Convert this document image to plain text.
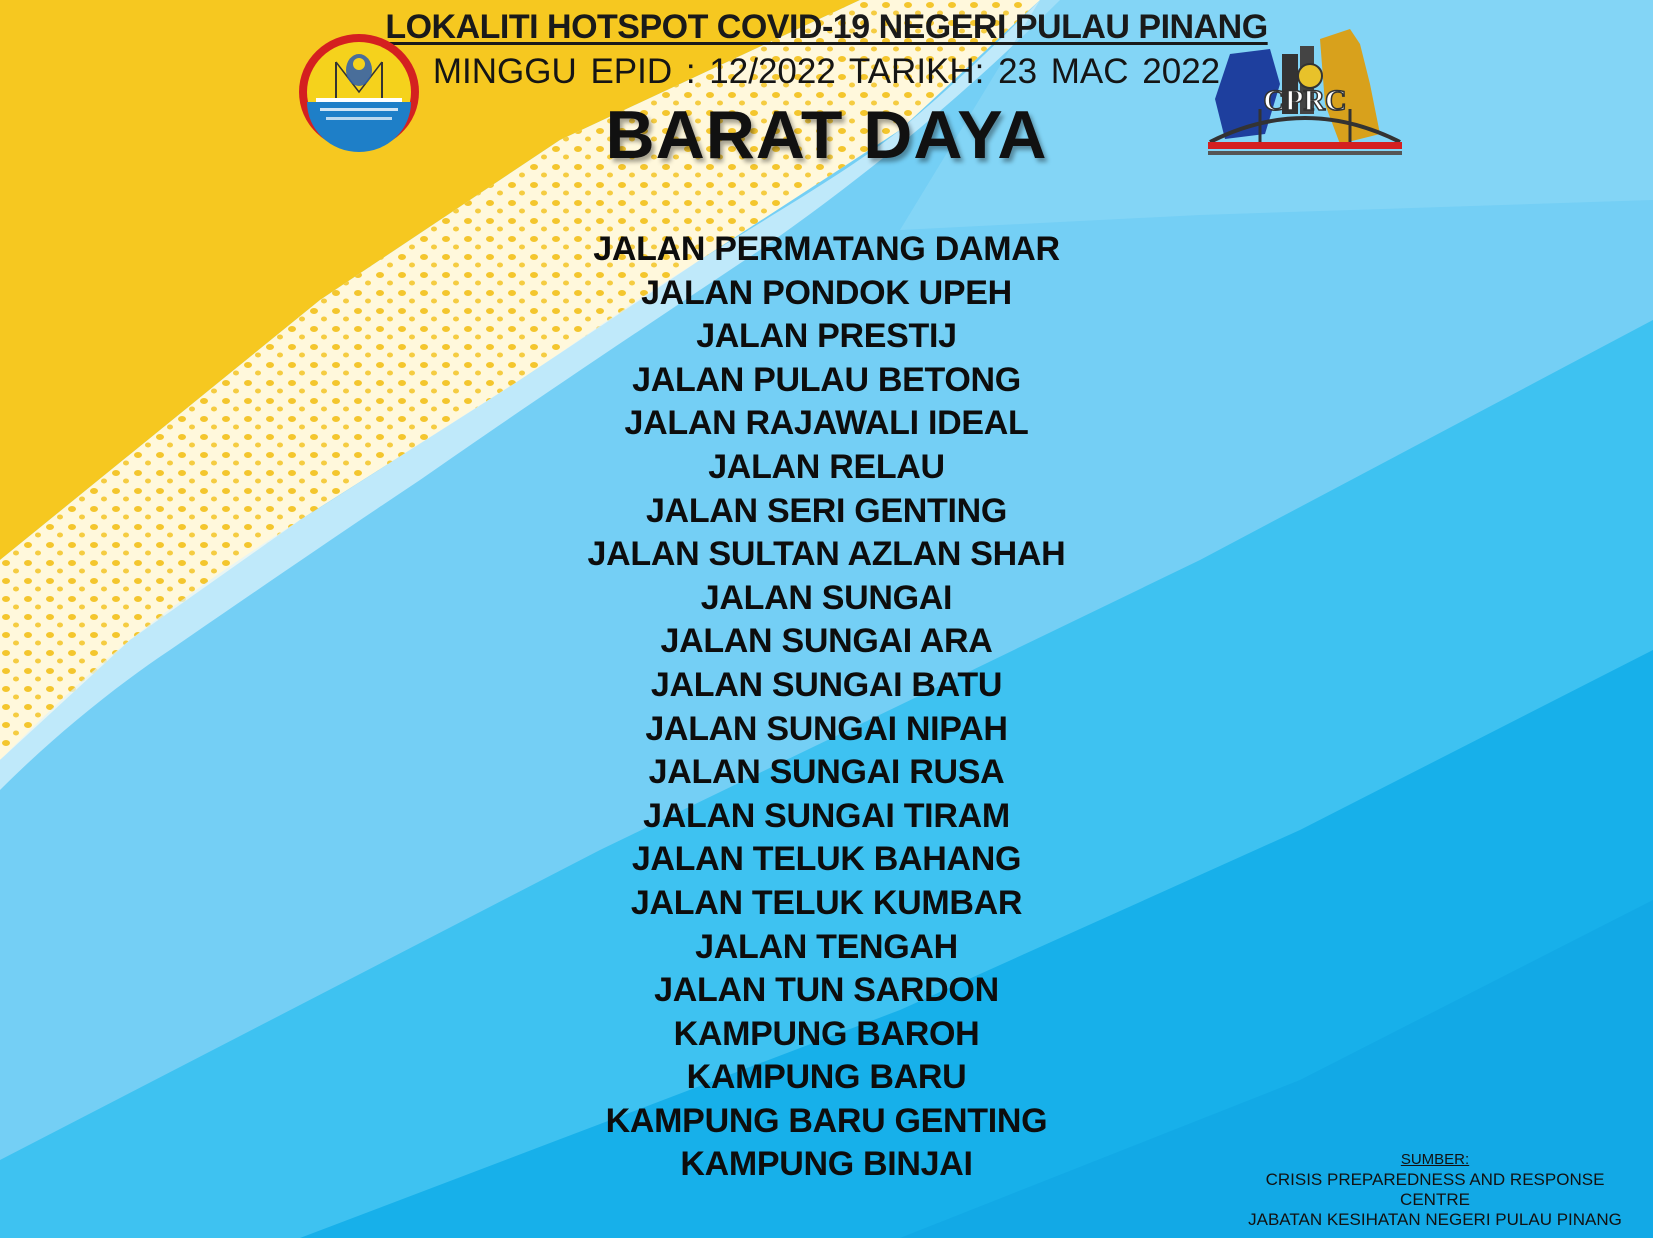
LOKALITI HOTSPOT COVID-19 NEGERI PULAU PINANG
MINGGU EPID : 12/2022 TARIKH: 23 MAC 2022
BARAT DAYA	CPRC
JALAN PERMATANG DAMAR
JALAN PONDOK UPEH
JALAN PRESTIJ
JALAN PULAU BETONG
JALAN RAJAWALI IDEAL
JALAN RELAU
JALAN SERI GENTING
JALAN SULTAN AZLAN SHAH
JALAN SUNGAI
JALAN SUNGAI ARA
JALAN SUNGAI BATU
JALAN SUNGAI NIPAH
JALAN SUNGAI RUSA
JALAN SUNGAI TIRAM
JALAN TELUK BAHANG
JALAN TELUK KUMBAR
JALAN TENGAH
JALAN TUN SARDON
KAMPUNG BAROH
KAMPUNG BARU
KAMPUNG BARU GENTING
KAMPUNG BINJAI	SUMBER:
CRISIS PREPAREDNESS AND RESPONSE
CENTRE
JABATAN KESIHATAN NEGERI PULAU PINANG
